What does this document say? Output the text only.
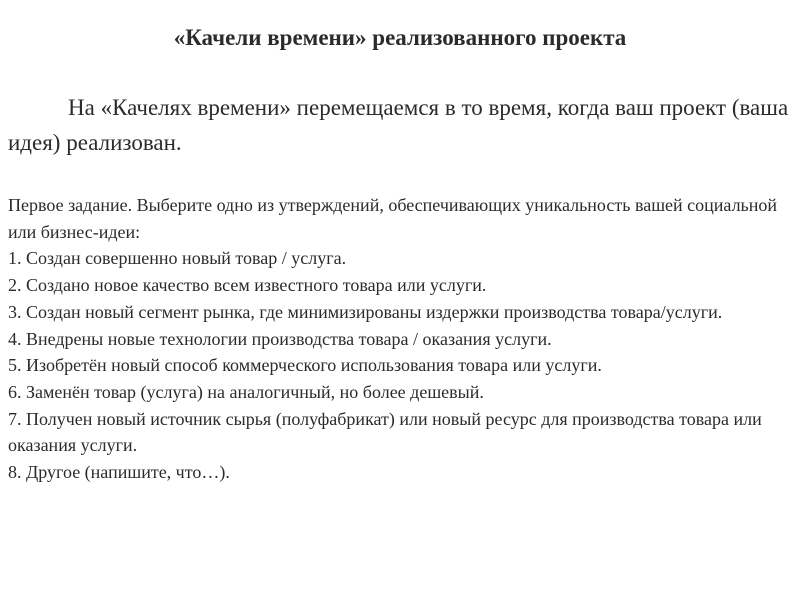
«Качели времени» реализованного проекта

На «Качелях времени» перемещаемся в то время, когда ваш проект (ваша идея) реализован.

Первое задание. Выберите одно из утверждений, обеспечивающих уникальность вашей социальной или бизнес-идеи:
1. Создан совершенно новый товар / услуга.
2. Создано новое качество всем известного товара или услуги.
3. Создан новый сегмент рынка, где минимизированы издержки производства товара/услуги.
4. Внедрены новые технологии производства товара / оказания услуги.
5. Изобретён новый способ коммерческого использования товара или услуги.
6. Заменён товар (услуга) на аналогичный, но более дешевый.
7. Получен новый источник сырья (полуфабрикат) или новый ресурс для производства товара или оказания услуги.
8. Другое (напишите, что…).
